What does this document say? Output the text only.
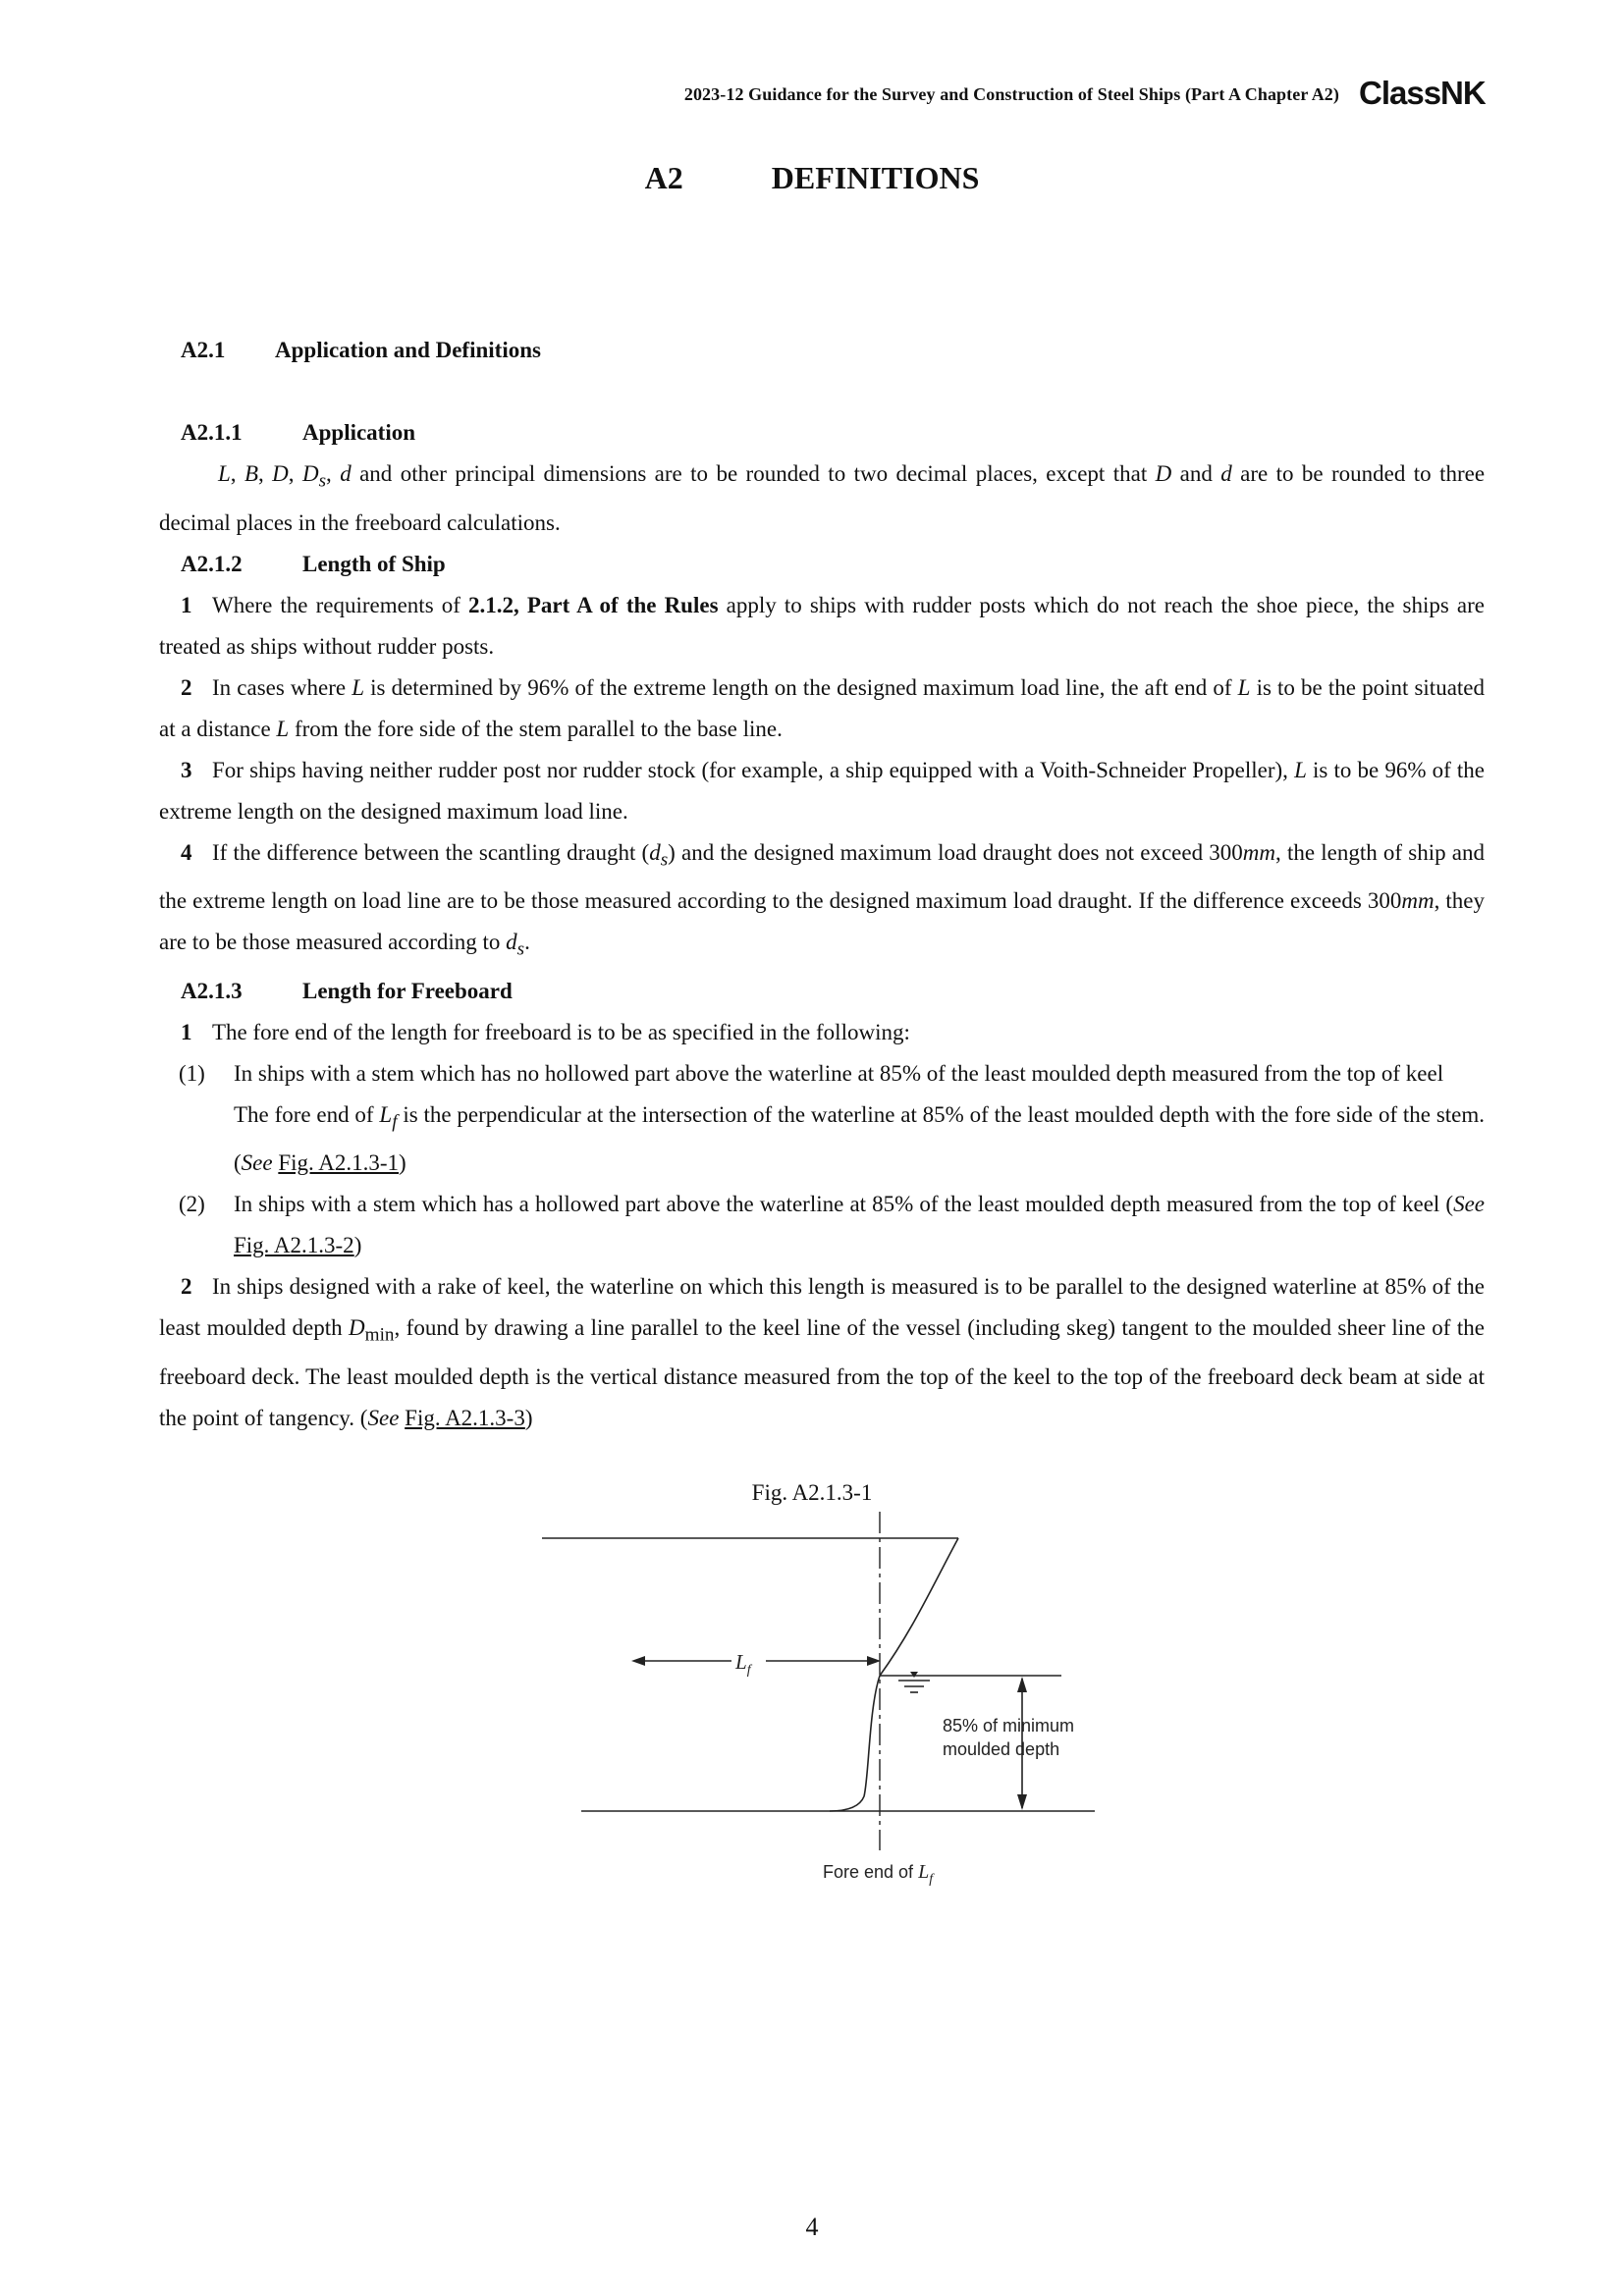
2023-12 Guidance for the Survey and Construction of Steel Ships (Part A Chapter A2) ClassNK
A2	DEFINITIONS
A2.1 Application and Definitions
A2.1.1	Application
L, B, D, $D_s$, d and other principal dimensions are to be rounded to two decimal places, except that D and d are to be rounded to three decimal places in the freeboard calculations.
A2.1.2	Length of Ship
1 Where the requirements of 2.1.2, Part A of the Rules apply to ships with rudder posts which do not reach the shoe piece, the ships are treated as ships without rudder posts.
2 In cases where L is determined by 96% of the extreme length on the designed maximum load line, the aft end of L is to be the point situated at a distance L from the fore side of the stem parallel to the base line.
3 For ships having neither rudder post nor rudder stock (for example, a ship equipped with a Voith-Schneider Propeller), L is to be 96% of the extreme length on the designed maximum load line.
4 If the difference between the scantling draught $(d_s)$ and the designed maximum load draught does not exceed 300mm, the length of ship and the extreme length on load line are to be those measured according to the designed maximum load draught. If the difference exceeds 300mm, they are to be those measured according to $d_s$.
A2.1.3	Length for Freeboard
1 The fore end of the length for freeboard is to be as specified in the following:
(1)	In ships with a stem which has no hollowed part above the waterline at 85% of the least moulded depth measured from the top of keel
The fore end of $L_f$ is the perpendicular at the intersection of the waterline at 85% of the least moulded depth with the fore side of the stem. (See Fig. A2.1.3-1)
(2)	In ships with a stem which has a hollowed part above the waterline at 85% of the least moulded depth measured from the top of keel (See Fig. A2.1.3-2)
2 In ships designed with a rake of keel, the waterline on which this length is measured is to be parallel to the designed waterline at 85% of the least moulded depth $D_{min}$, found by drawing a line parallel to the keel line of the vessel (including skeg) tangent to the moulded sheer line of the freeboard deck. The least moulded depth is the vertical distance measured from the top of the keel to the top of the freeboard deck beam at side at the point of tangency. (See Fig. A2.1.3-3)
Fig. A2.1.3-1
$L_f$
85% of minimum
moulded depth
Fore end of $L_f$
4
